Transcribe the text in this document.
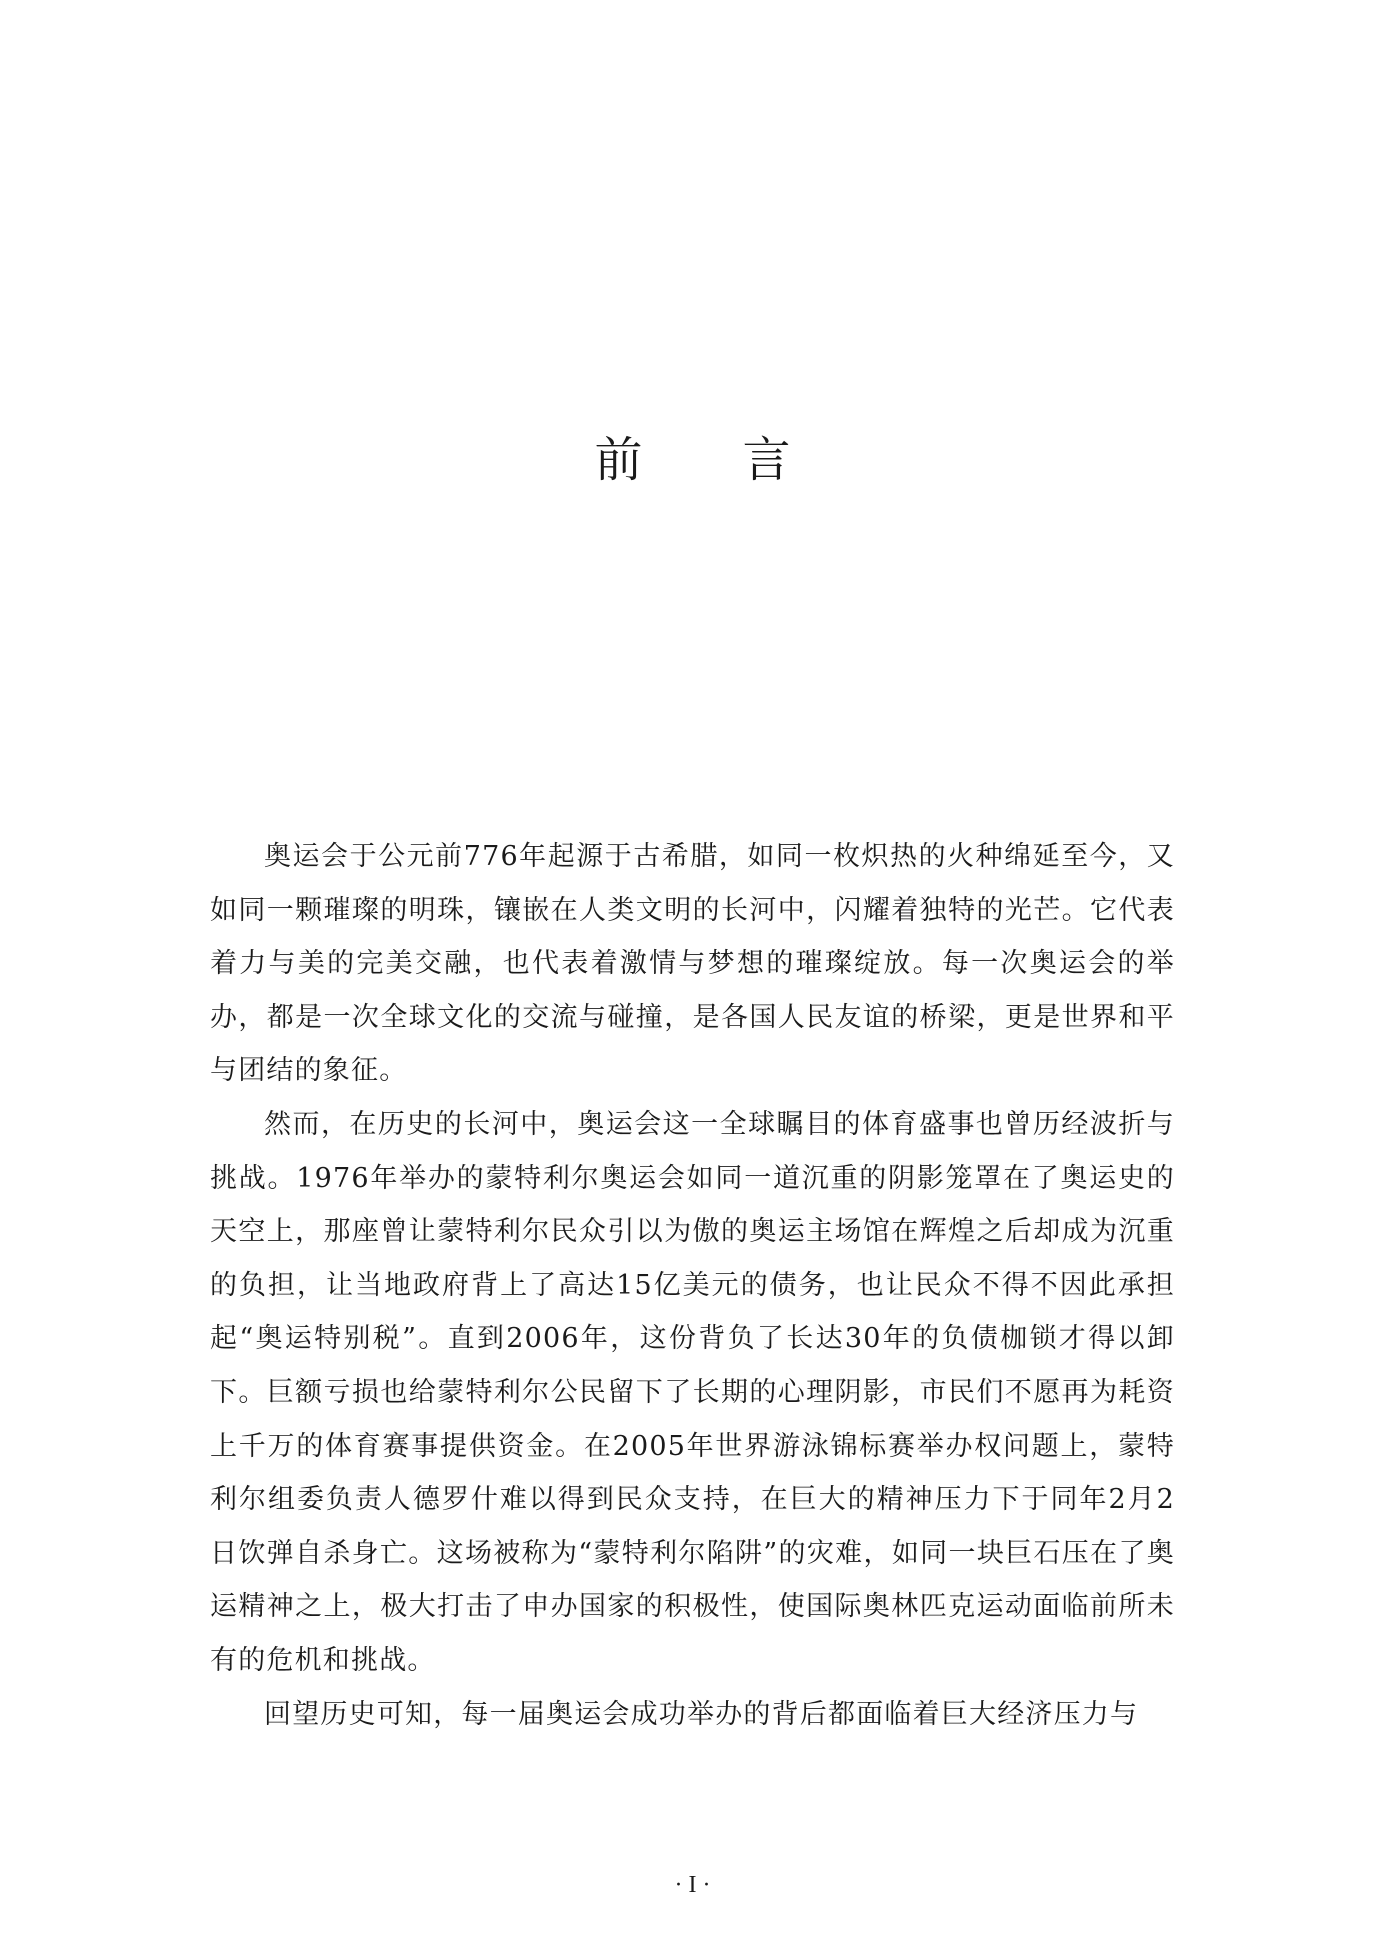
前言

奥运会于公元前776年起源于古希腊，如同一枚炽热的火种绵延至今，又如同一颗璀璨的明珠，镶嵌在人类文明的长河中，闪耀着独特的光芒。它代表着力与美的完美交融，也代表着激情与梦想的璀璨绽放。每一次奥运会的举办，都是一次全球文化的交流与碰撞，是各国人民友谊的桥梁，更是世界和平与团结的象征。

然而，在历史的长河中，奥运会这一全球瞩目的体育盛事也曾历经波折与挑战。1976年举办的蒙特利尔奥运会如同一道沉重的阴影笼罩在了奥运史的天空上，那座曾让蒙特利尔民众引以为傲的奥运主场馆在辉煌之后却成为沉重的负担，让当地政府背上了高达15亿美元的债务，也让民众不得不因此承担起“奥运特别税”。直到2006年，这份背负了长达30年的负债枷锁才得以卸下。巨额亏损也给蒙特利尔公民留下了长期的心理阴影，市民们不愿再为耗资上千万的体育赛事提供资金。在2005年世界游泳锦标赛举办权问题上，蒙特利尔组委负责人德罗什难以得到民众支持，在巨大的精神压力下于同年2月2日饮弹自杀身亡。这场被称为“蒙特利尔陷阱”的灾难，如同一块巨石压在了奥运精神之上，极大打击了申办国家的积极性，使国际奥林匹克运动面临前所未有的危机和挑战。

回望历史可知，每一届奥运会成功举办的背后都面临着巨大经济压力与

· I ·
